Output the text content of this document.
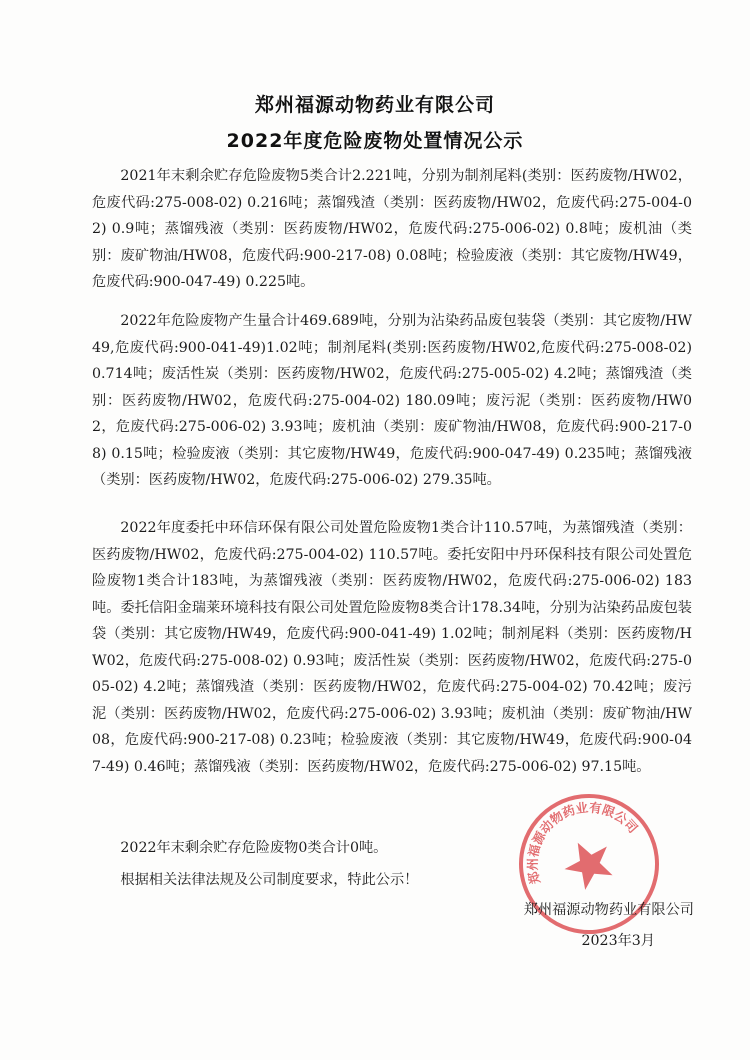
郑州福源动物药业有限公司
2022年度危险废物处置情况公示

2021年末剩余贮存危险废物5类合计2.221吨，分别为制剂尾料(类别：医药废物/HW02，危废代码:275-008-02) 0.216吨；蒸馏残渣（类别：医药废物/HW02，危废代码:275-004-02) 0.9吨；蒸馏残液（类别：医药废物/HW02，危废代码:275-006-02) 0.8吨；废机油（类别：废矿物油/HW08，危废代码:900-217-08) 0.08吨；检验废液（类别：其它废物/HW49，危废代码:900-047-49) 0.225吨。

2022年危险废物产生量合计469.689吨，分别为沾染药品废包装袋（类别：其它废物/HW49,危废代码:900-041-49)1.02吨；制剂尾料(类别:医药废物/HW02,危废代码:275-008-02) 0.714吨；废活性炭（类别：医药废物/HW02，危废代码:275-005-02) 4.2吨；蒸馏残渣（类别：医药废物/HW02，危废代码:275-004-02) 180.09吨；废污泥（类别：医药废物/HW02，危废代码:275-006-02) 3.93吨；废机油（类别：废矿物油/HW08，危废代码:900-217-08) 0.15吨；检验废液（类别：其它废物/HW49，危废代码:900-047-49) 0.235吨；蒸馏残液（类别：医药废物/HW02，危废代码:275-006-02) 279.35吨。

2022年度委托中环信环保有限公司处置危险废物1类合计110.57吨，为蒸馏残渣（类别：医药废物/HW02，危废代码:275-004-02) 110.57吨。委托安阳中丹环保科技有限公司处置危险废物1类合计183吨，为蒸馏残液（类别：医药废物/HW02，危废代码:275-006-02) 183吨。委托信阳金瑞莱环境科技有限公司处置危险废物8类合计178.34吨，分别为沾染药品废包装袋（类别：其它废物/HW49，危废代码:900-041-49) 1.02吨；制剂尾料（类别：医药废物/HW02，危废代码:275-008-02) 0.93吨；废活性炭（类别：医药废物/HW02，危废代码:275-005-02) 4.2吨；蒸馏残渣（类别：医药废物/HW02，危废代码:275-004-02) 70.42吨；废污泥（类别：医药废物/HW02，危废代码:275-006-02) 3.93吨；废机油（类别：废矿物油/HW08，危废代码:900-217-08) 0.23吨；检验废液（类别：其它废物/HW49，危废代码:900-047-49) 0.46吨；蒸馏残液（类别：医药废物/HW02，危废代码:275-006-02) 97.15吨。

2022年末剩余贮存危险废物0类合计0吨。

根据相关法律法规及公司制度要求，特此公示！	郑州福源动物药业有限公司
郑州福源动物药业有限公司
2023年3月
